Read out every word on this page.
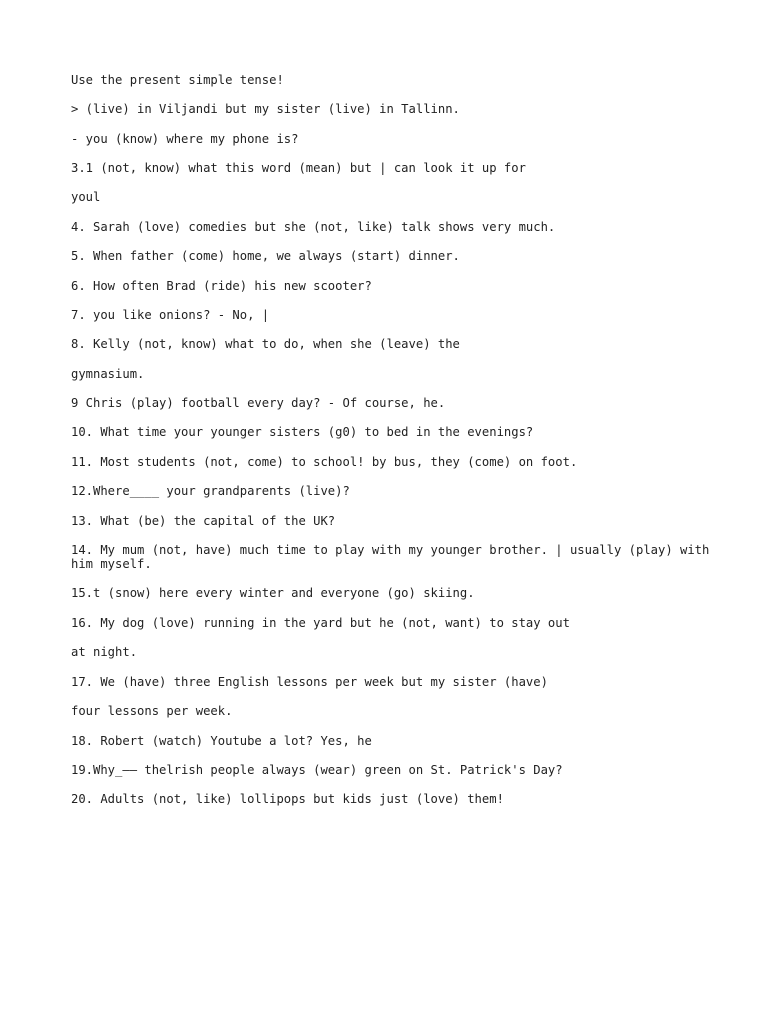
Use the present simple tense!

> (live) in Viljandi but my sister (live) in Tallinn.

- you (know) where my phone is?

3.1 (not, know) what this word (mean) but | can look it up for

youl

4. Sarah (love) comedies but she (not, like) talk shows very much.

5. When father (come) home, we always (start) dinner.

6. How often Brad (ride) his new scooter?

7. you like onions? - No, |

8. Kelly (not, know) what to do, when she (leave) the

gymnasium.

9 Chris (play) football every day? - Of course, he.

10. What time your younger sisters (g0) to bed in the evenings?

11. Most students (not, come) to school! by bus, they (come) on foot.

12.Where____ your grandparents (live)?

13. What (be) the capital of the UK?

14. My mum (not, have) much time to play with my younger brother. | usually (play) with him myself.

15.t (snow) here every winter and everyone (go) skiing.

16. My dog (love) running in the yard but he (not, want) to stay out

at night.

17. We (have) three English lessons per week but my sister (have)

four lessons per week.

18. Robert (watch) Youtube a lot? Yes, he

19.Why_—— thelrish people always (wear) green on St. Patrick's Day?

20. Adults (not, like) lollipops but kids just (love) them!
